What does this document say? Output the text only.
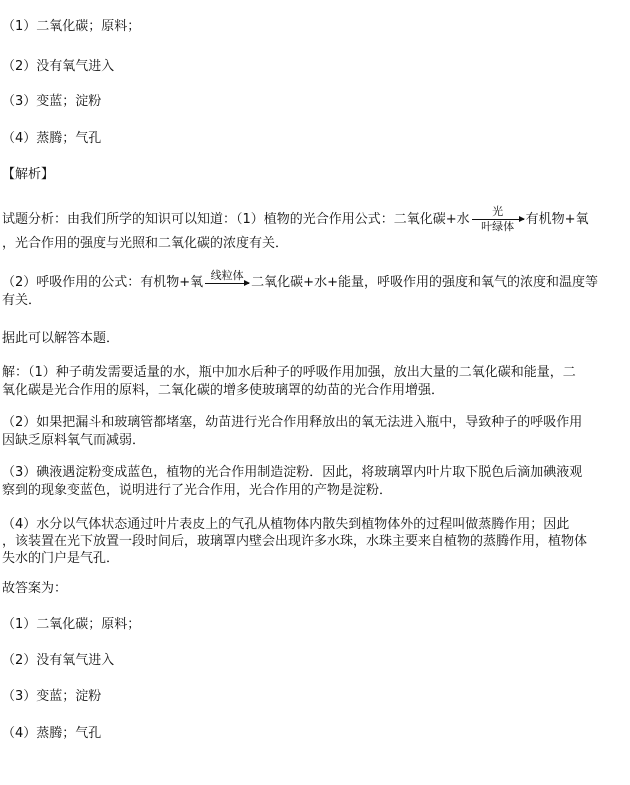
（1）二氧化碳；原料；
（2）没有氧气进入
（3）变蓝；淀粉
（4）蒸腾；气孔
【解析】
试题分析：由我们所学的知识可以知道：（1）植物的光合作用公式：二氧化碳+水
光
叶绿体 有机物+氧
，光合作用的强度与光照和二氧化碳的浓度有关．
（2）呼吸作用的公式：有机物+氧 线粒体 二氧化碳+水+能量，呼吸作用的强度和氧气的浓度和温度等
有关．
据此可以解答本题．
解：（1）种子萌发需要适量的水，瓶中加水后种子的呼吸作用加强，放出大量的二氧化碳和能量，二
氧化碳是光合作用的原料，二氧化碳的增多使玻璃罩的幼苗的光合作用增强．
（2）如果把漏斗和玻璃管都堵塞，幼苗进行光合作用释放出的氧无法进入瓶中，导致种子的呼吸作用
因缺乏原料氧气而减弱．
（3）碘液遇淀粉变成蓝色，植物的光合作用制造淀粉．因此，将玻璃罩内叶片取下脱色后滴加碘液观
察到的现象变蓝色，说明进行了光合作用，光合作用的产物是淀粉．
（4）水分以气体状态通过叶片表皮上的气孔从植物体内散失到植物体外的过程叫做蒸腾作用；因此
，该装置在光下放置一段时间后，玻璃罩内壁会出现许多水珠，水珠主要来自植物的蒸腾作用，植物体
失水的门户是气孔．
故答案为：
（1）二氧化碳；原料；
（2）没有氧气进入
（3）变蓝；淀粉
（4）蒸腾；气孔
